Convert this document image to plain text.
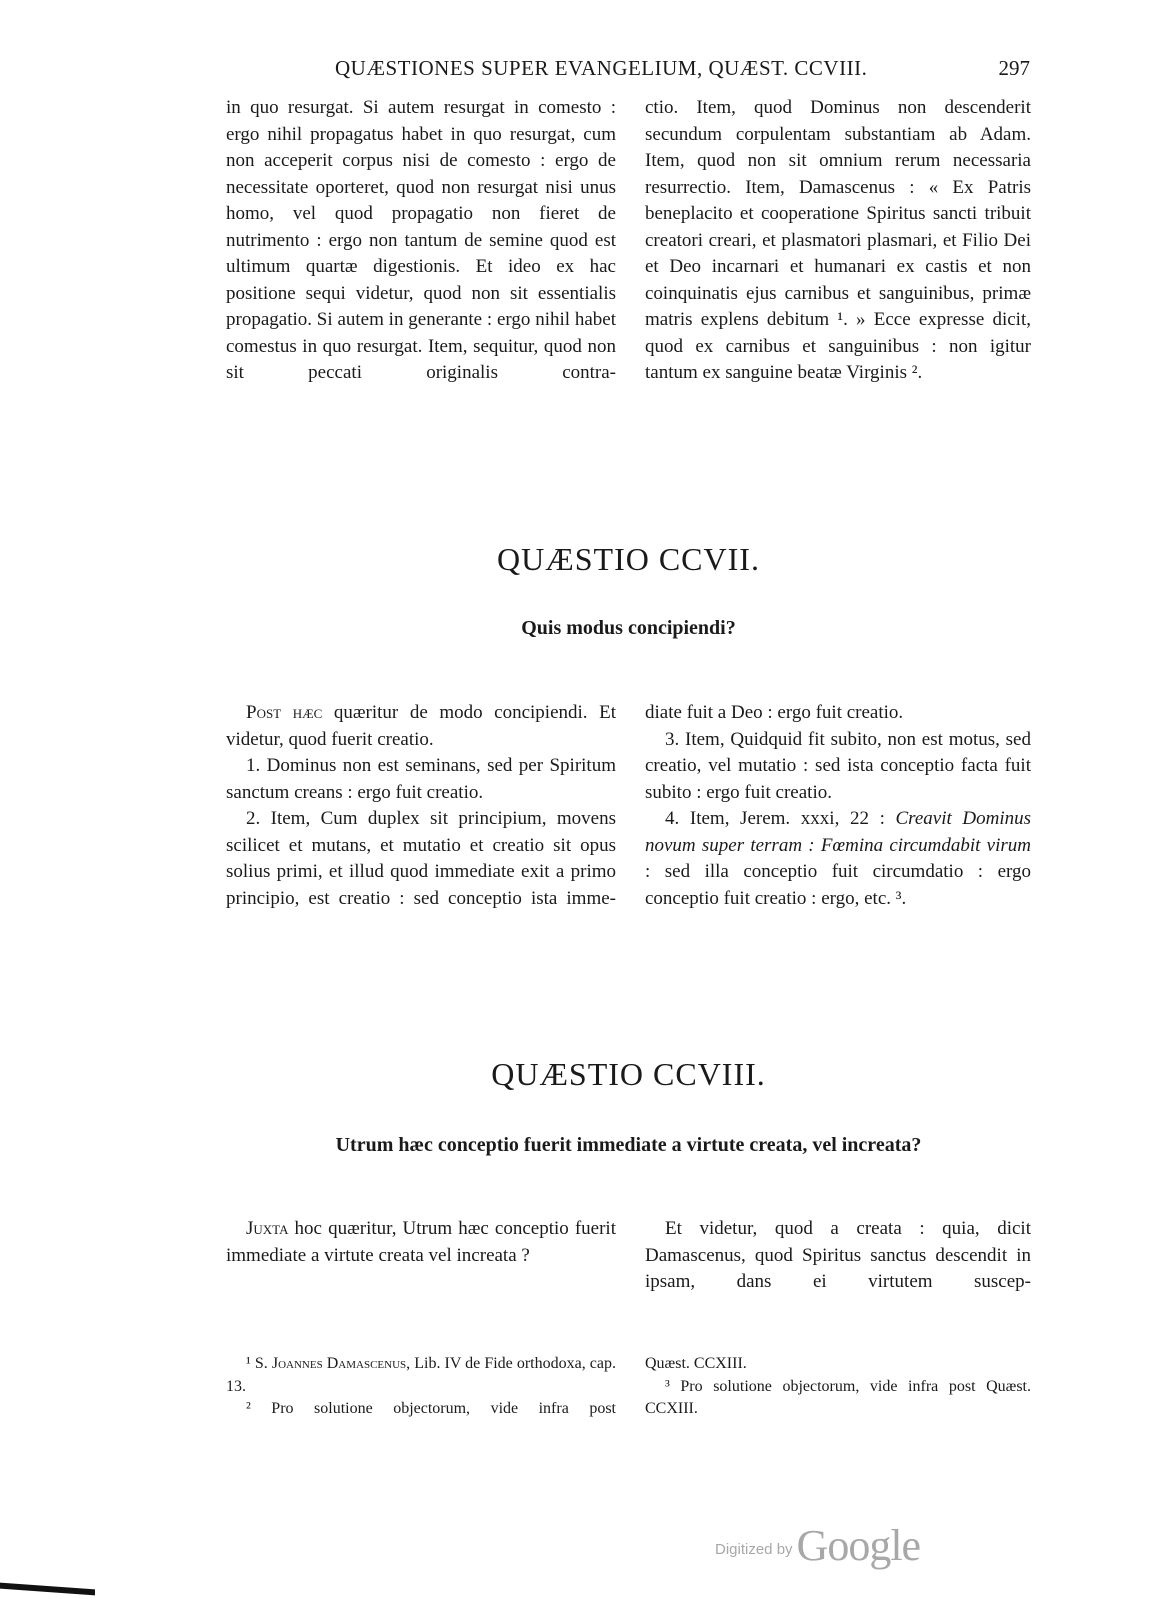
QUÆSTIONES SUPER EVANGELIUM, QUÆST. CCVIII.	297

in quo resurgat. Si autem resurgat in comesto : ergo nihil propagatus habet in quo resurgat, cum non acceperit corpus nisi de comesto : ergo de necessitate oporteret, quod non resurgat nisi unus homo, vel quod propagatio non fieret de nutrimento : ergo non tantum de semine quod est ultimum quartæ digestionis. Et ideo ex hac positione sequi videtur, quod non sit essentialis propagatio. Si autem in generante : ergo nihil habet comestus in quo resurgat. Item, sequitur, quod non sit peccati originalis contra-

ctio. Item, quod Dominus non descenderit secundum corpulentam substantiam ab Adam. Item, quod non sit omnium rerum necessaria resurrectio. Item, Damascenus : « Ex Patris beneplacito et cooperatione Spiritus sancti tribuit creatori creari, et plasmatori plasmari, et Filio Dei et Deo incarnari et humanari ex castis et non coinquinatis ejus carnibus et sanguinibus, primæ matris explens debitum ¹. » Ecce expresse dicit, quod ex carnibus et sanguinibus : non igitur tantum ex sanguine beatæ Virginis ².

QUÆSTIO CCVII.
Quis modus concipiendi?

Post hæc quæritur de modo concipiendi. Et videtur, quod fuerit creatio.

1. Dominus non est seminans, sed per Spiritum sanctum creans : ergo fuit creatio.

2. Item, Cum duplex sit principium, movens scilicet et mutans, et mutatio et creatio sit opus solius primi, et illud quod immediate exit a primo principio, est creatio : sed conceptio ista imme-

diate fuit a Deo : ergo fuit creatio.

3. Item, Quidquid fit subito, non est motus, sed creatio, vel mutatio : sed ista conceptio facta fuit subito : ergo fuit creatio.

4. Item, Jerem. xxxi, 22 : Creavit Dominus novum super terram : Fœmina circumdabit virum : sed illa conceptio fuit circumdatio : ergo conceptio fuit creatio : ergo, etc. ³.

QUÆSTIO CCVIII.
Utrum hæc conceptio fuerit immediate a virtute creata, vel increata?

Juxta hoc quæritur, Utrum hæc conceptio fuerit immediate a virtute creata vel increata ?

Et videtur, quod a creata : quia, dicit Damascenus, quod Spiritus sanctus descendit in ipsam, dans ei virtutem suscep-

¹ S. Joannes Damascenus, Lib. IV de Fide orthodoxa, cap. 13.

² Pro solutione objectorum, vide infra post

Quæst. CCXIII.

³ Pro solutione objectorum, vide infra post Quæst. CCXIII.

Digitized byGoogle
